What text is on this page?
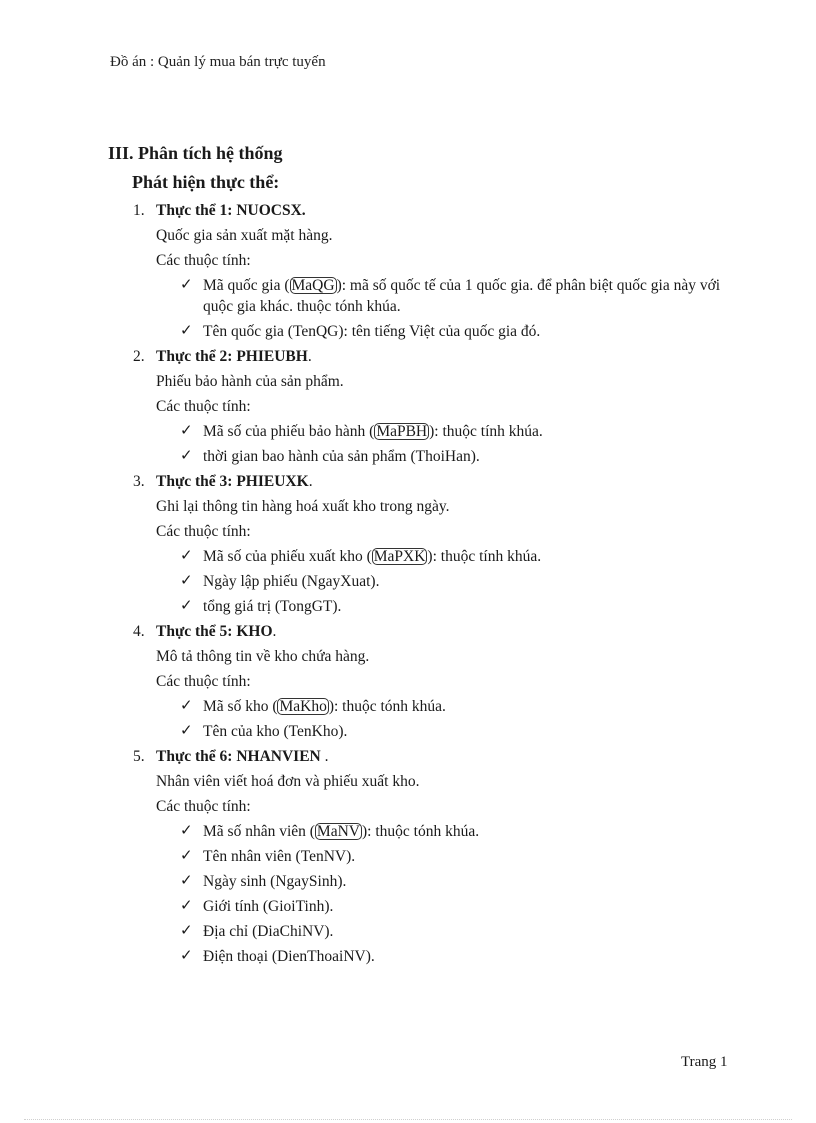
Đồ án : Quản lý mua bán trực tuyến
III. Phân tích hệ thống
Phát hiện thực thể:
1. Thực thể 1: NUOCSX.
Quốc gia sản xuất mặt hàng.
Các thuộc tính:
✓ Mã quốc gia ( MaQG ): mã số quốc tế của 1 quốc gia. để phân biệt quốc gia này với quộc gia khác. thuộc tónh khúa.
✓ Tên quốc gia (TenQG): tên tiếng Việt của quốc gia đó.
2. Thực thể 2: PHIEUBH.
Phiếu bảo hành của sản phẩm.
Các thuộc tính:
✓ Mã số của phiếu bảo hành ( MaPBH ): thuộc tính khúa.
✓ thời gian bao hành của sản phẩm (ThoiHan).
3. Thực thể 3: PHIEUXK.
Ghi lại thông tin hàng hoá xuất kho trong ngày.
Các thuộc tính:
✓ Mã số của phiếu xuất kho ( MaPXK ): thuộc tính khúa.
✓ Ngày lập phiếu (NgayXuat).
✓ tổng giá trị (TongGT).
4. Thực thể 5: KHO.
Mô tả thông tin về kho chứa hàng.
Các thuộc tính:
✓ Mã số kho ( MaKho ): thuộc tónh khúa.
✓ Tên của kho (TenKho).
5. Thực thể 6: NHANVIEN .
Nhân viên viết hoá đơn và phiếu xuất kho.
Các thuộc tính:
✓ Mã số nhân viên ( MaNV ): thuộc tónh khúa.
✓ Tên nhân viên (TenNV).
✓ Ngày sinh (NgaySinh).
✓ Giới tính (GioiTinh).
✓ Địa chỉ (DiaChiNV).
✓ Điện thoại (DienThoaiNV).
Trang 1
